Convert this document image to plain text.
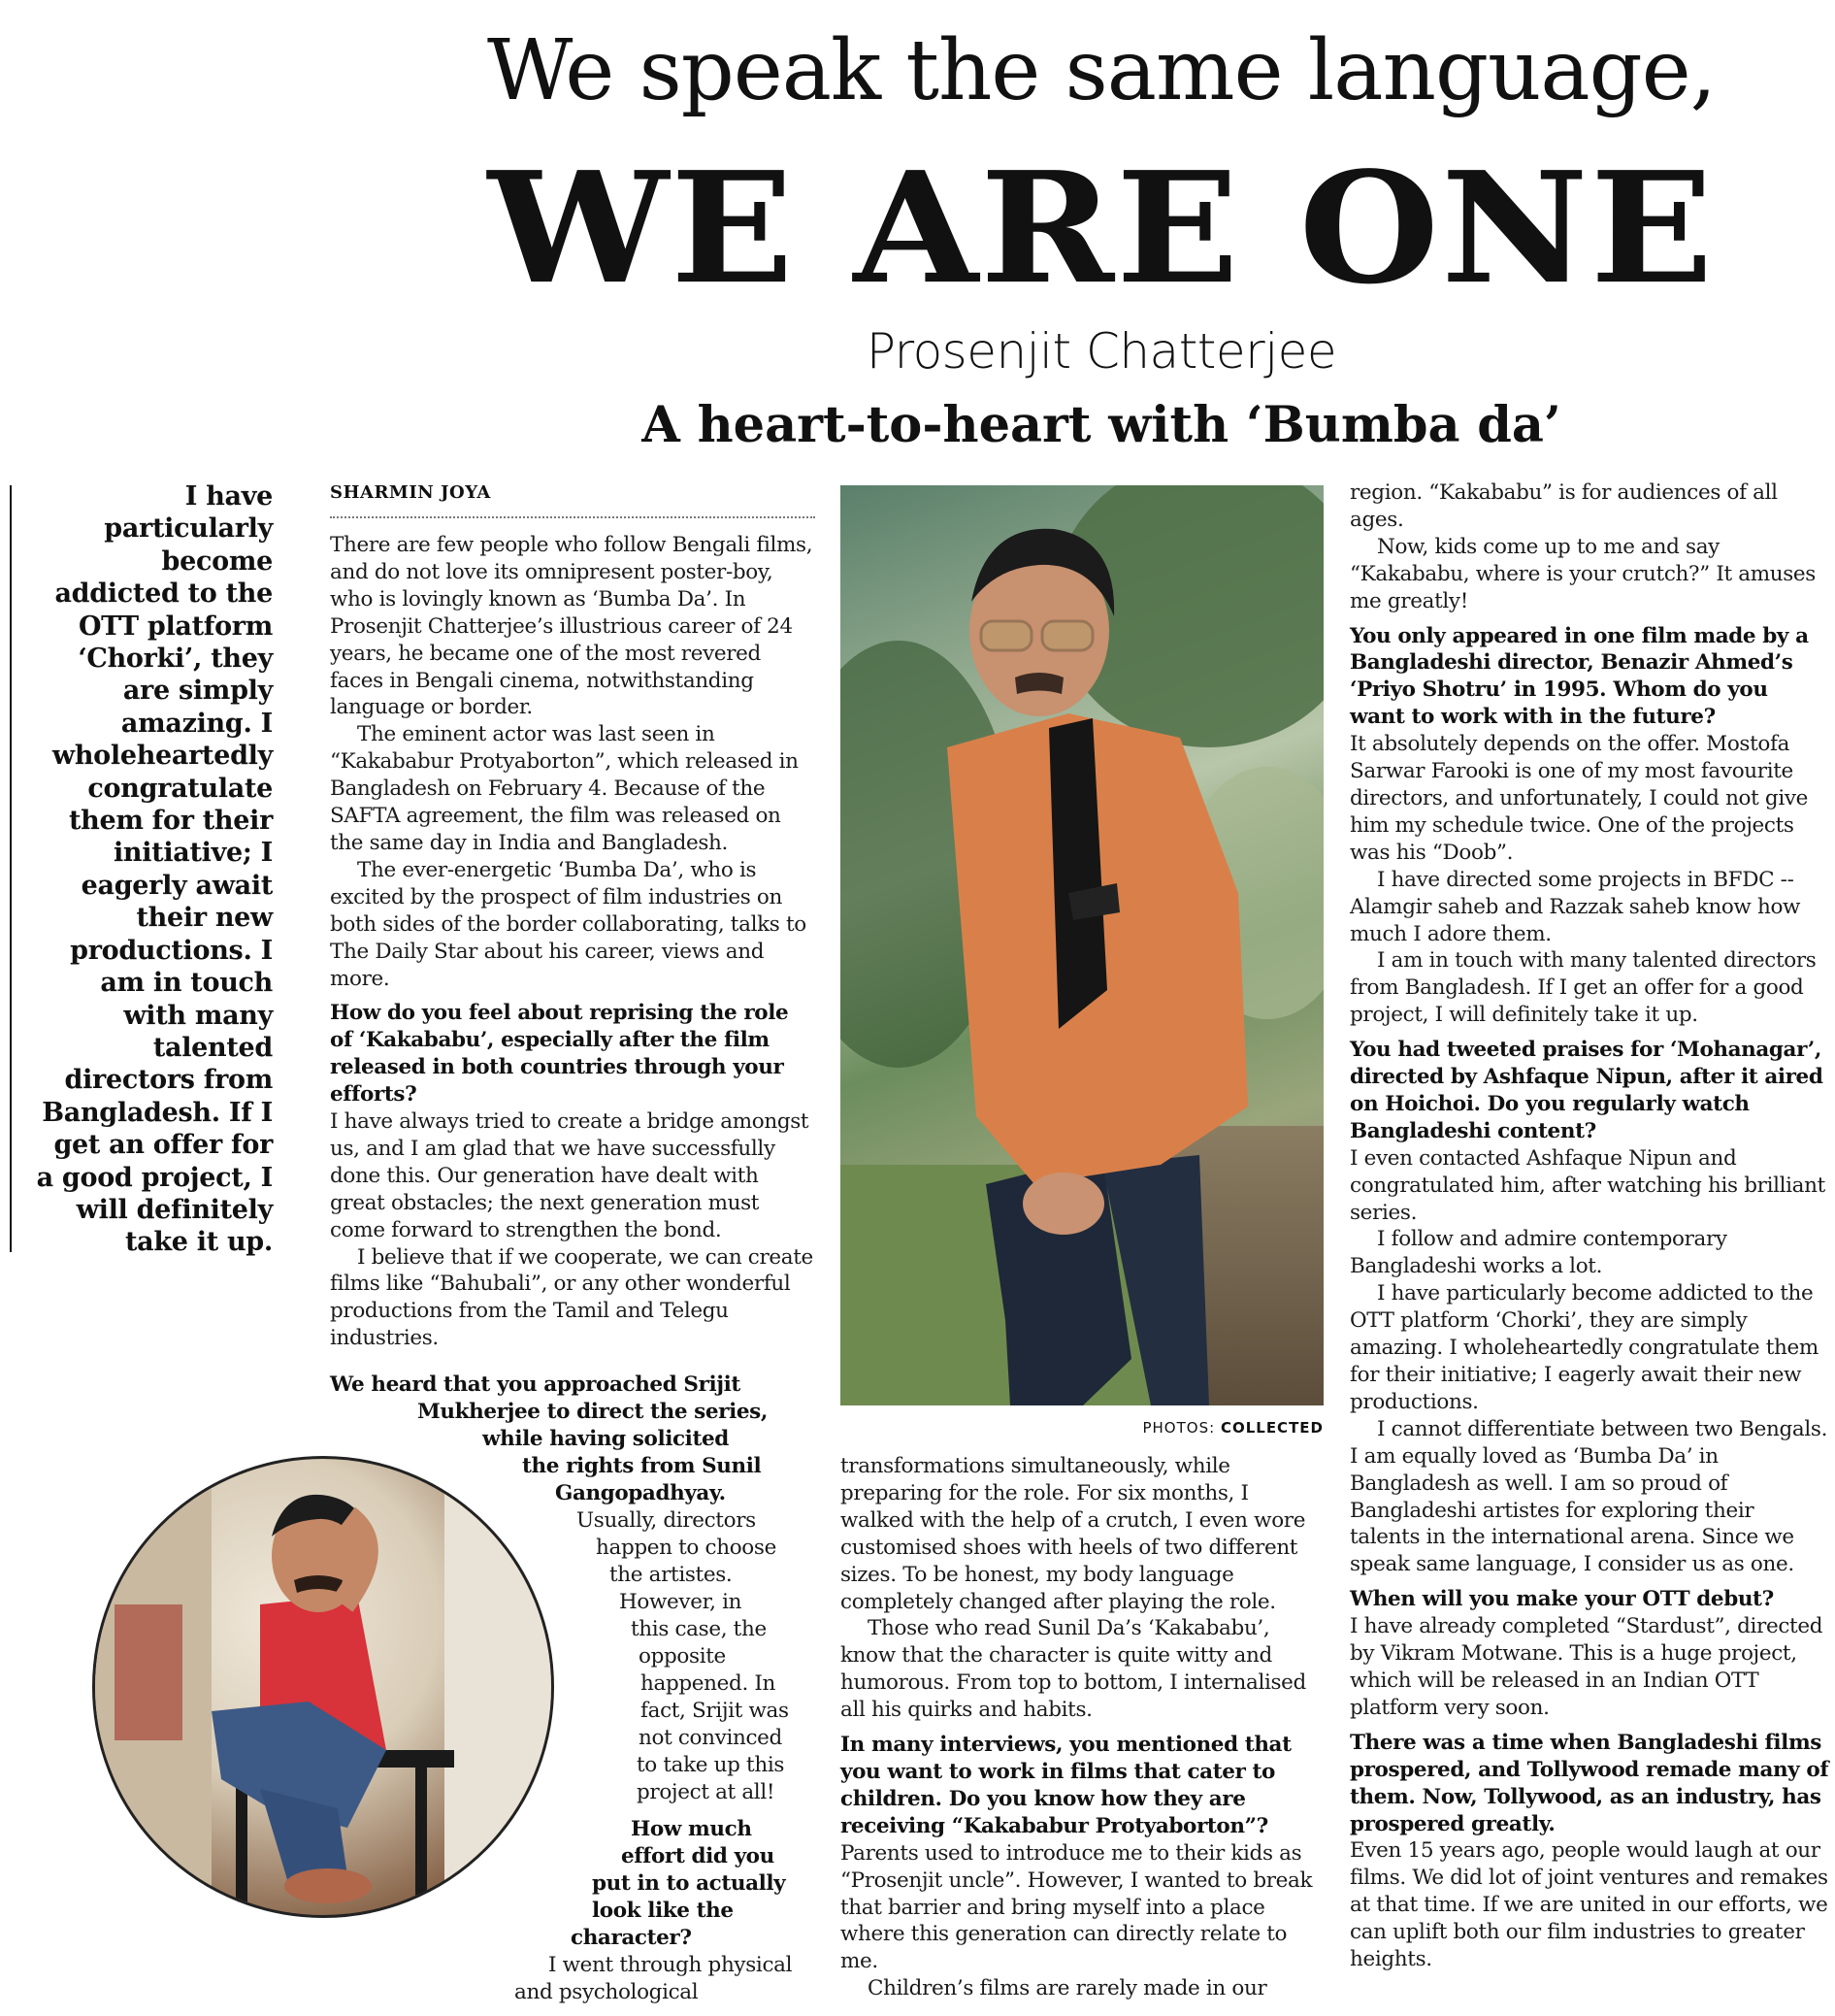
We speak the same language,
WE ARE ONE
Prosenjit Chatterjee
A heart-to-heart with ‘Bumba da’
I have particularly become addicted to the OTT platform ‘Chorki’, they are simply amazing. I wholeheartedly congratulate them for their initiative; I eagerly await their new productions. I am in touch with many talented directors from Bangladesh. If I get an offer for a good project, I will definitely take it up.
SHARMIN JOYA

There are few people who follow Bengali films, and do not love its omnipresent poster-boy, who is lovingly known as ‘Bumba Da’. In Prosenjit Chatterjee’s illustrious career of 24 years, he became one of the most revered faces in Bengali cinema, notwithstanding language or border.

The eminent actor was last seen in “Kakababur Protyaborton”, which released in Bangladesh on February 4. Because of the SAFTA agreement, the film was released on the same day in India and Bangladesh.

The ever-energetic ‘Bumba Da’, who is excited by the prospect of film industries on both sides of the border collaborating, talks to The Daily Star about his career, views and more.

How do you feel about reprising the role of ‘Kakababu’, especially after the film released in both countries through your efforts?

I have always tried to create a bridge amongst us, and I am glad that we have successfully done this. Our generation have dealt with great obstacles; the next generation must come forward to strengthen the bond.

I believe that if we cooperate, we can create films like “Bahubali”, or any other wonderful productions from the Tamil and Telegu industries.

We heard that you approached Srijit
Mukherjee to direct the series,
while having solicited
the rights from Sunil
Gangopadhyay.
Usually, directors
happen to choose
the artistes.
However, in
this case, the
opposite
happened. In
fact, Srijit was
not convinced
to take up this
project at all!
How much
effort did you
put in to actually
look like the
character?
I went through physical
and psychological
PHOTOS: COLLECTED

transformations simultaneously, while preparing for the role. For six months, I walked with the help of a crutch, I even wore customised shoes with heels of two different sizes. To be honest, my body language completely changed after playing the role.

Those who read Sunil Da’s ‘Kakababu’, know that the character is quite witty and humorous. From top to bottom, I internalised all his quirks and habits.

In many interviews, you mentioned that you want to work in films that cater to children. Do you know how they are receiving “Kakababur Protyaborton”?

Parents used to introduce me to their kids as “Prosenjit uncle”. However, I wanted to break that barrier and bring myself into a place where this generation can directly relate to me.

Children’s films are rarely made in our

region. “Kakababu” is for audiences of all ages.

Now, kids come up to me and say “Kakababu, where is your crutch?” It amuses me greatly!

You only appeared in one film made by a Bangladeshi director, Benazir Ahmed’s ‘Priyo Shotru’ in 1995. Whom do you want to work with in the future?

It absolutely depends on the offer. Mostofa Sarwar Farooki is one of my most favourite directors, and unfortunately, I could not give him my schedule twice. One of the projects was his “Doob”.

I have directed some projects in BFDC -- Alamgir saheb and Razzak saheb know how much I adore them.

I am in touch with many talented directors from Bangladesh. If I get an offer for a good project, I will definitely take it up.

You had tweeted praises for ‘Mohanagar’, directed by Ashfaque Nipun, after it aired on Hoichoi. Do you regularly watch Bangladeshi content?

I even contacted Ashfaque Nipun and congratulated him, after watching his brilliant series.

I follow and admire contemporary Bangladeshi works a lot.

I have particularly become addicted to the OTT platform ‘Chorki’, they are simply amazing. I wholeheartedly congratulate them for their initiative; I eagerly await their new productions.

I cannot differentiate between two Bengals. I am equally loved as ‘Bumba Da’ in Bangladesh as well. I am so proud of Bangladeshi artistes for exploring their talents in the international arena. Since we speak same language, I consider us as one.

When will you make your OTT debut?

I have already completed “Stardust”, directed by Vikram Motwane. This is a huge project, which will be released in an Indian OTT platform very soon.

There was a time when Bangladeshi films prospered, and Tollywood remade many of them. Now, Tollywood, as an industry, has prospered greatly.

Even 15 years ago, people would laugh at our films. We did lot of joint ventures and remakes at that time. If we are united in our efforts, we can uplift both our film industries to greater heights.
